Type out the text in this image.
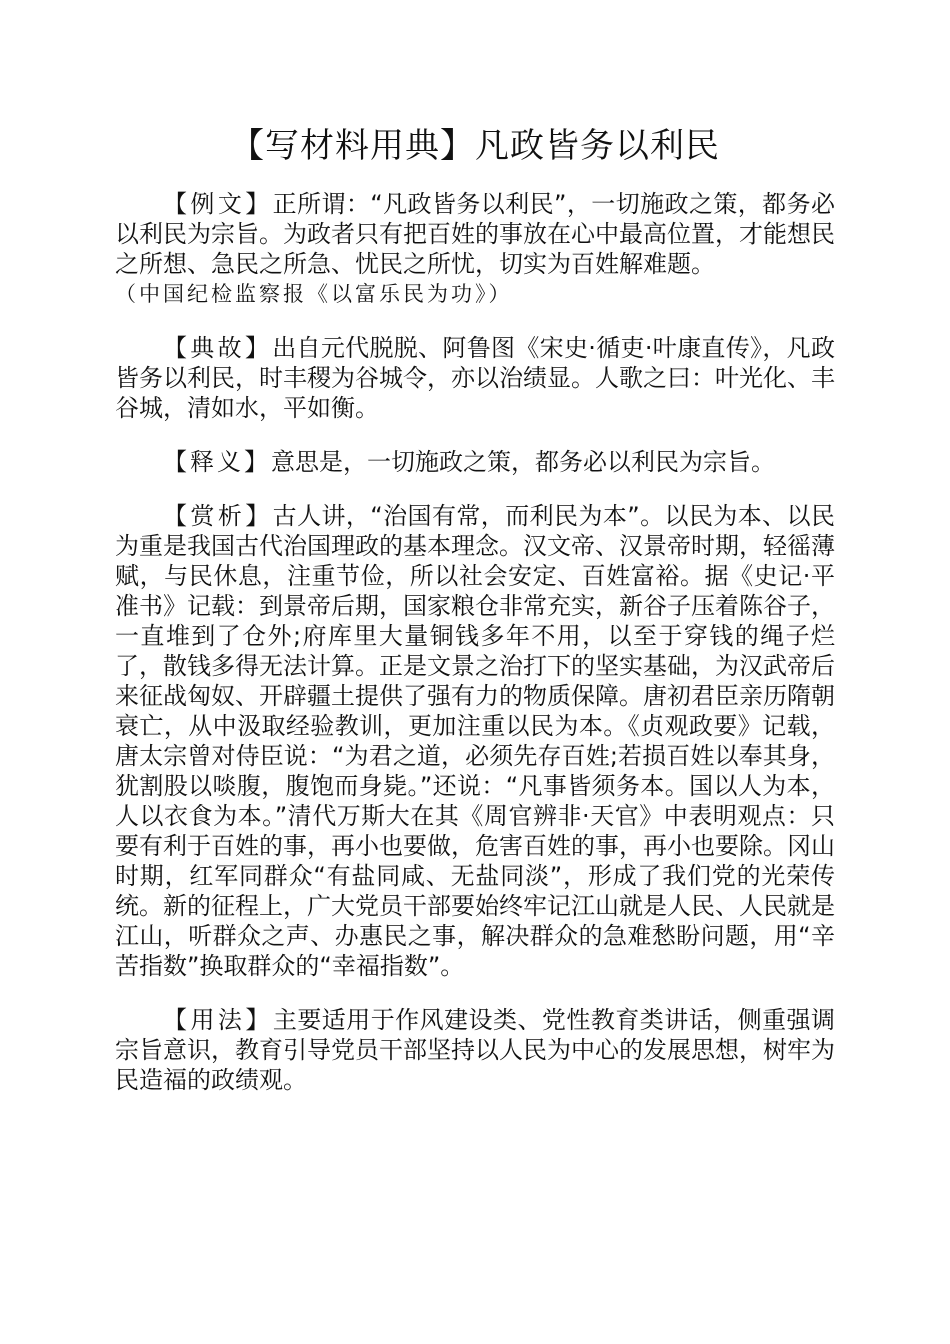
【写材料用典】凡政皆务以利民

【例文】正所谓：“凡政皆务以利民”，一切施政之策，都务必以利民为宗旨。为政者只有把百姓的事放在心中最高位置，才能想民之所想、急民之所急、忧民之所忧，切实为百姓解难题。
（中国纪检监察报《以富乐民为功》）

【典故】出自元代脱脱、阿鲁图《宋史·循吏·叶康直传》，凡政皆务以利民，时丰稷为谷城令，亦以治绩显。人歌之曰：叶光化、丰谷城，清如水，平如衡。

【释义】意思是，一切施政之策，都务必以利民为宗旨。

【赏析】古人讲，“治国有常，而利民为本”。以民为本、以民为重是我国古代治国理政的基本理念。汉文帝、汉景帝时期，轻徭薄赋，与民休息，注重节俭，所以社会安定、百姓富裕。据《史记·平准书》记载：到景帝后期，国家粮仓非常充实，新谷子压着陈谷子，一直堆到了仓外;府库里大量铜钱多年不用，以至于穿钱的绳子烂了，散钱多得无法计算。正是文景之治打下的坚实基础，为汉武帝后来征战匈奴、开辟疆土提供了强有力的物质保障。唐初君臣亲历隋朝衰亡，从中汲取经验教训，更加注重以民为本。《贞观政要》记载，唐太宗曾对侍臣说：“为君之道，必须先存百姓;若损百姓以奉其身，犹割股以啖腹，腹饱而身毙。”还说：“凡事皆须务本。国以人为本，人以衣食为本。”清代万斯大在其《周官辨非·天官》中表明观点：只要有利于百姓的事，再小也要做，危害百姓的事，再小也要除。冈山时期，红军同群众“有盐同咸、无盐同淡”，形成了我们党的光荣传统。新的征程上，广大党员干部要始终牢记江山就是人民、人民就是江山，听群众之声、办惠民之事，解决群众的急难愁盼问题，用“辛苦指数”换取群众的“幸福指数”。

【用法】主要适用于作风建设类、党性教育类讲话，侧重强调宗旨意识，教育引导党员干部坚持以人民为中心的发展思想，树牢为民造福的政绩观。
